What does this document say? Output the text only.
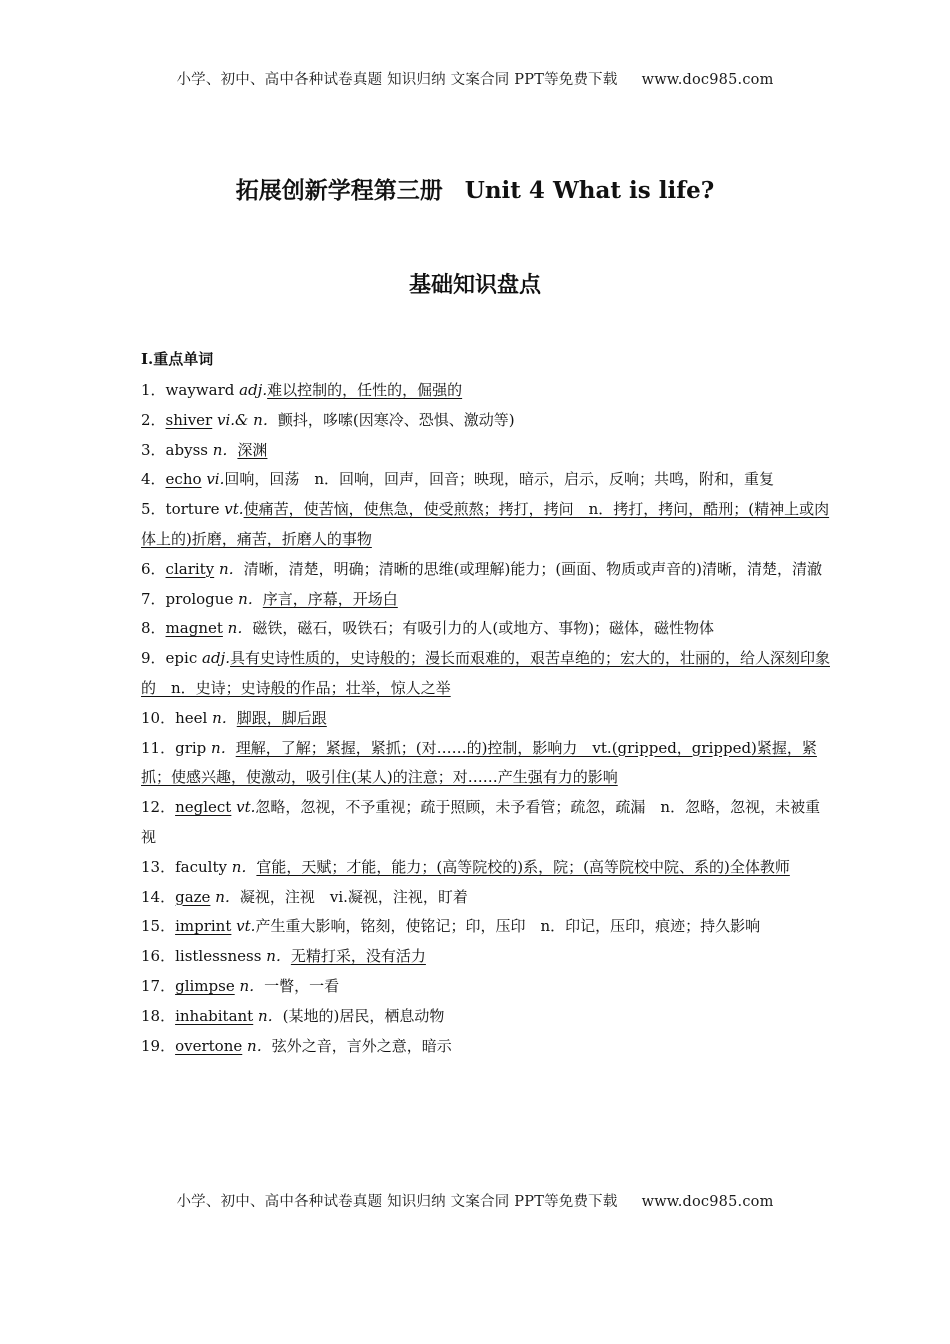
小学、初中、高中各种试卷真题 知识归纳 文案合同 PPT等免费下载 www.doc985.com
拓展创新学程第三册 Unit 4 What is life?
基础知识盘点
Ⅰ.重点单词

1．wayward adj.难以控制的，任性的，倔强的

2．shiver vi.& n．颤抖，哆嗦(因寒冷、恐惧、激动等)

3．abyss n．深渊

4．echo vi.回响，回荡　n．回响，回声，回音；映现，暗示，启示，反响；共鸣，附和，重复

5．torture vt.使痛苦，使苦恼，使焦急，使受煎熬；拷打，拷问　n．拷打，拷问，酷刑；(精神上或肉体上的)折磨，痛苦，折磨人的事物

6．clarity n．清晰，清楚，明确；清晰的思维(或理解)能力；(画面、物质或声音的)清晰，清楚，清澈

7．prologue n．序言，序幕，开场白

8．magnet n．磁铁，磁石，吸铁石；有吸引力的人(或地方、事物)；磁体，磁性物体

9．epic adj.具有史诗性质的，史诗般的；漫长而艰难的，艰苦卓绝的；宏大的，壮丽的，给人深刻印象的　n．史诗；史诗般的作品；壮举，惊人之举

10．heel n．脚跟，脚后跟

11．grip n．理解，了解；紧握，紧抓；(对……的)控制，影响力　vt.(gripped，gripped)紧握，紧抓；使感兴趣，使激动，吸引住(某人)的注意；对……产生强有力的影响

12．neglect vt.忽略，忽视，不予重视；疏于照顾，未予看管；疏忽，疏漏　n．忽略，忽视，未被重视

13．faculty n．官能，天赋；才能，能力；(高等院校的)系，院；(高等院校中院、系的)全体教师

14．gaze n．凝视，注视　vi.凝视，注视，盯着

15．imprint vt.产生重大影响，铭刻，使铭记；印，压印　n．印记，压印，痕迹；持久影响

16．listlessness n．无精打采，没有活力

17．glimpse n．一瞥，一看

18．inhabitant n．(某地的)居民，栖息动物

19．overtone n．弦外之音，言外之意，暗示

小学、初中、高中各种试卷真题 知识归纳 文案合同 PPT等免费下载 www.doc985.com
